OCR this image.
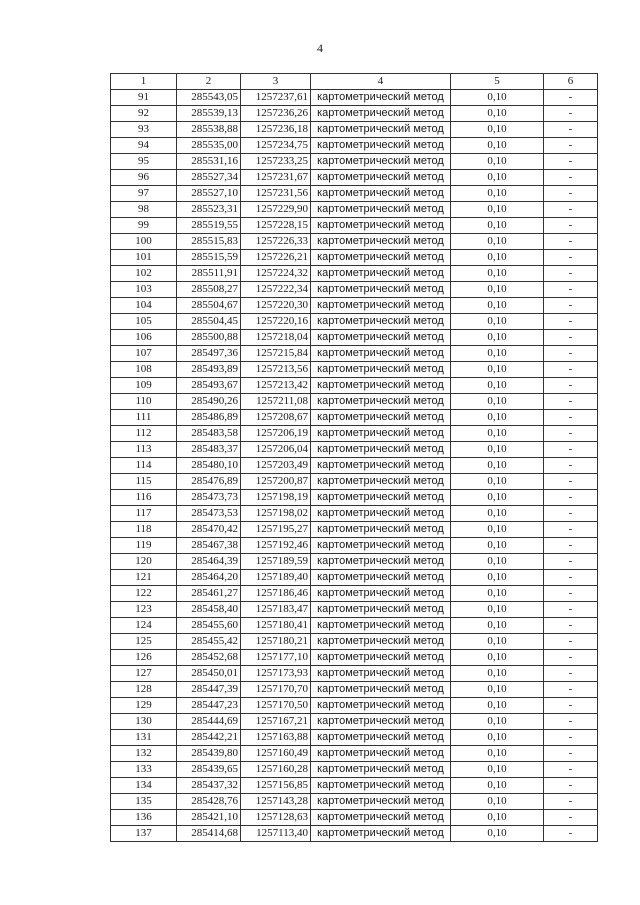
4
1	2	3	4	5	6
91	285543,05	1257237,61	картометрический метод	0,10	-
92	285539,13	1257236,26	картометрический метод	0,10	-
93	285538,88	1257236,18	картометрический метод	0,10	-
94	285535,00	1257234,75	картометрический метод	0,10	-
95	285531,16	1257233,25	картометрический метод	0,10	-
96	285527,34	1257231,67	картометрический метод	0,10	-
97	285527,10	1257231,56	картометрический метод	0,10	-
98	285523,31	1257229,90	картометрический метод	0,10	-
99	285519,55	1257228,15	картометрический метод	0,10	-
100	285515,83	1257226,33	картометрический метод	0,10	-
101	285515,59	1257226,21	картометрический метод	0,10	-
102	285511,91	1257224,32	картометрический метод	0,10	-
103	285508,27	1257222,34	картометрический метод	0,10	-
104	285504,67	1257220,30	картометрический метод	0,10	-
105	285504,45	1257220,16	картометрический метод	0,10	-
106	285500,88	1257218,04	картометрический метод	0,10	-
107	285497,36	1257215,84	картометрический метод	0,10	-
108	285493,89	1257213,56	картометрический метод	0,10	-
109	285493,67	1257213,42	картометрический метод	0,10	-
110	285490,26	1257211,08	картометрический метод	0,10	-
111	285486,89	1257208,67	картометрический метод	0,10	-
112	285483,58	1257206,19	картометрический метод	0,10	-
113	285483,37	1257206,04	картометрический метод	0,10	-
114	285480,10	1257203,49	картометрический метод	0,10	-
115	285476,89	1257200,87	картометрический метод	0,10	-
116	285473,73	1257198,19	картометрический метод	0,10	-
117	285473,53	1257198,02	картометрический метод	0,10	-
118	285470,42	1257195,27	картометрический метод	0,10	-
119	285467,38	1257192,46	картометрический метод	0,10	-
120	285464,39	1257189,59	картометрический метод	0,10	-
121	285464,20	1257189,40	картометрический метод	0,10	-
122	285461,27	1257186,46	картометрический метод	0,10	-
123	285458,40	1257183,47	картометрический метод	0,10	-
124	285455,60	1257180,41	картометрический метод	0,10	-
125	285455,42	1257180,21	картометрический метод	0,10	-
126	285452,68	1257177,10	картометрический метод	0,10	-
127	285450,01	1257173,93	картометрический метод	0,10	-
128	285447,39	1257170,70	картометрический метод	0,10	-
129	285447,23	1257170,50	картометрический метод	0,10	-
130	285444,69	1257167,21	картометрический метод	0,10	-
131	285442,21	1257163,88	картометрический метод	0,10	-
132	285439,80	1257160,49	картометрический метод	0,10	-
133	285439,65	1257160,28	картометрический метод	0,10	-
134	285437,32	1257156,85	картометрический метод	0,10	-
135	285428,76	1257143,28	картометрический метод	0,10	-
136	285421,10	1257128,63	картометрический метод	0,10	-
137	285414,68	1257113,40	картометрический метод	0,10	-
